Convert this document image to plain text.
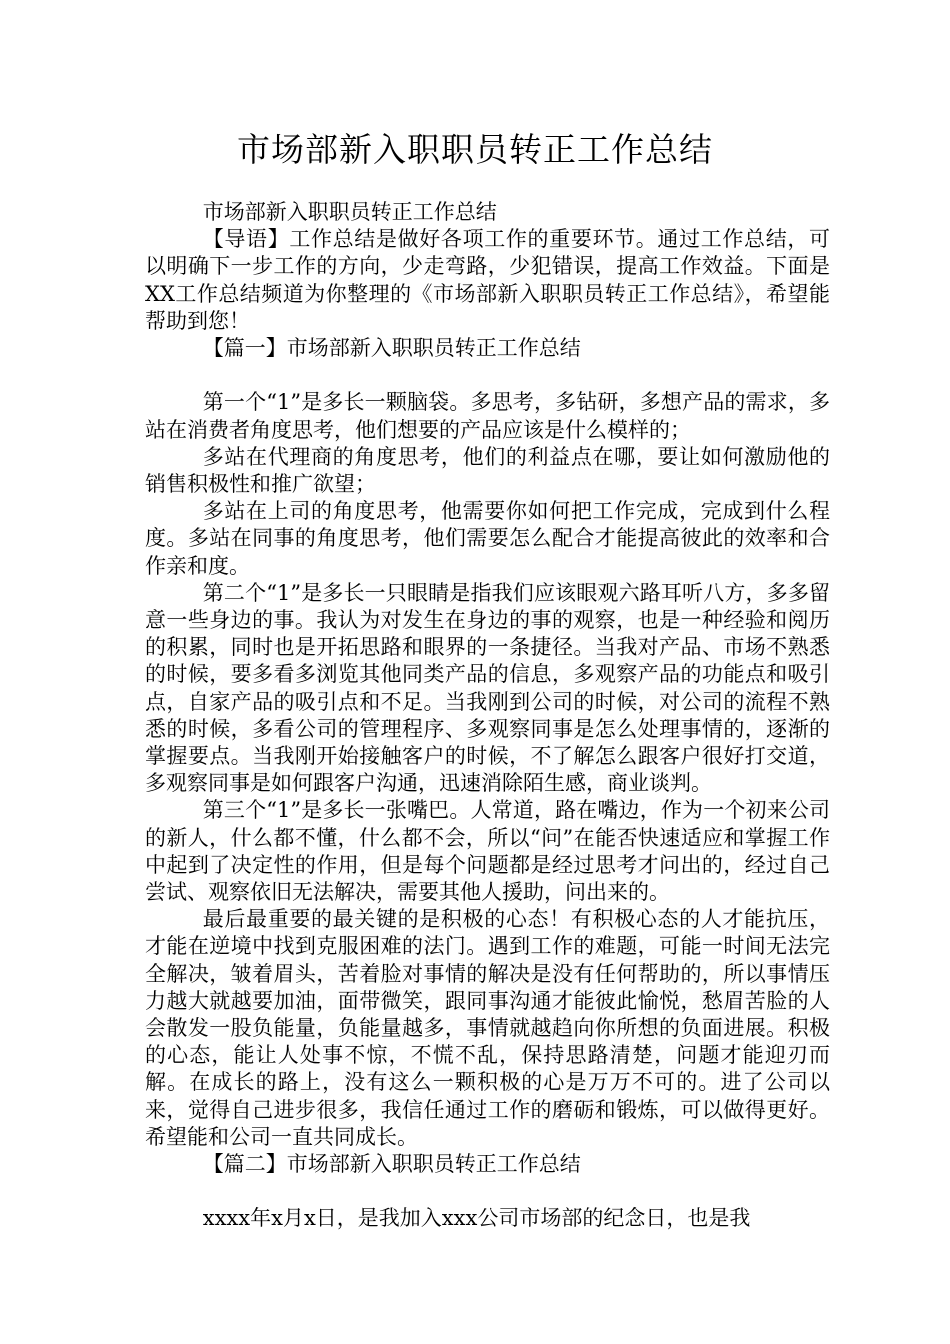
市场部新入职职员转正工作总结

市场部新入职职员转正工作总结

【导语】工作总结是做好各项工作的重要环节。通过工作总结，可以明确下一步工作的方向，少走弯路，少犯错误，提高工作效益。下面是XX工作总结频道为你整理的《市场部新入职职员转正工作总结》，希望能帮助到您！

【篇一】市场部新入职职员转正工作总结

第一个“1”是多长一颗脑袋。多思考，多钻研，多想产品的需求，多站在消费者角度思考，他们想要的产品应该是什么模样的；

多站在代理商的角度思考，他们的利益点在哪，要让如何激励他的销售积极性和推广欲望；

多站在上司的角度思考，他需要你如何把工作完成，完成到什么程度。多站在同事的角度思考，他们需要怎么配合才能提高彼此的效率和合作亲和度。

第二个“1”是多长一只眼睛是指我们应该眼观六路耳听八方，多多留意一些身边的事。我认为对发生在身边的事的观察，也是一种经验和阅历的积累，同时也是开拓思路和眼界的一条捷径。当我对产品、市场不熟悉的时候，要多看多浏览其他同类产品的信息，多观察产品的功能点和吸引点，自家产品的吸引点和不足。当我刚到公司的时候，对公司的流程不熟悉的时候，多看公司的管理程序、多观察同事是怎么处理事情的，逐渐的掌握要点。当我刚开始接触客户的时候，不了解怎么跟客户很好打交道，多观察同事是如何跟客户沟通，迅速消除陌生感，商业谈判。

第三个“1”是多长一张嘴巴。人常道，路在嘴边，作为一个初来公司的新人，什么都不懂，什么都不会，所以“问”在能否快速适应和掌握工作中起到了决定性的作用，但是每个问题都是经过思考才问出的，经过自己尝试、观察依旧无法解决，需要其他人援助，问出来的。

最后最重要的最关键的是积极的心态！有积极心态的人才能抗压，才能在逆境中找到克服困难的法门。遇到工作的难题，可能一时间无法完全解决，皱着眉头，苦着脸对事情的解决是没有任何帮助的，所以事情压力越大就越要加油，面带微笑，跟同事沟通才能彼此愉悦，愁眉苦脸的人会散发一股负能量，负能量越多，事情就越趋向你所想的负面进展。积极的心态，能让人处事不惊，不慌不乱，保持思路清楚，问题才能迎刃而解。在成长的路上，没有这么一颗积极的心是万万不可的。进了公司以来，觉得自己进步很多，我信任通过工作的磨砺和锻炼，可以做得更好。希望能和公司一直共同成长。

【篇二】市场部新入职职员转正工作总结

xxxx年x月x日，是我加入xxx公司市场部的纪念日，也是我
